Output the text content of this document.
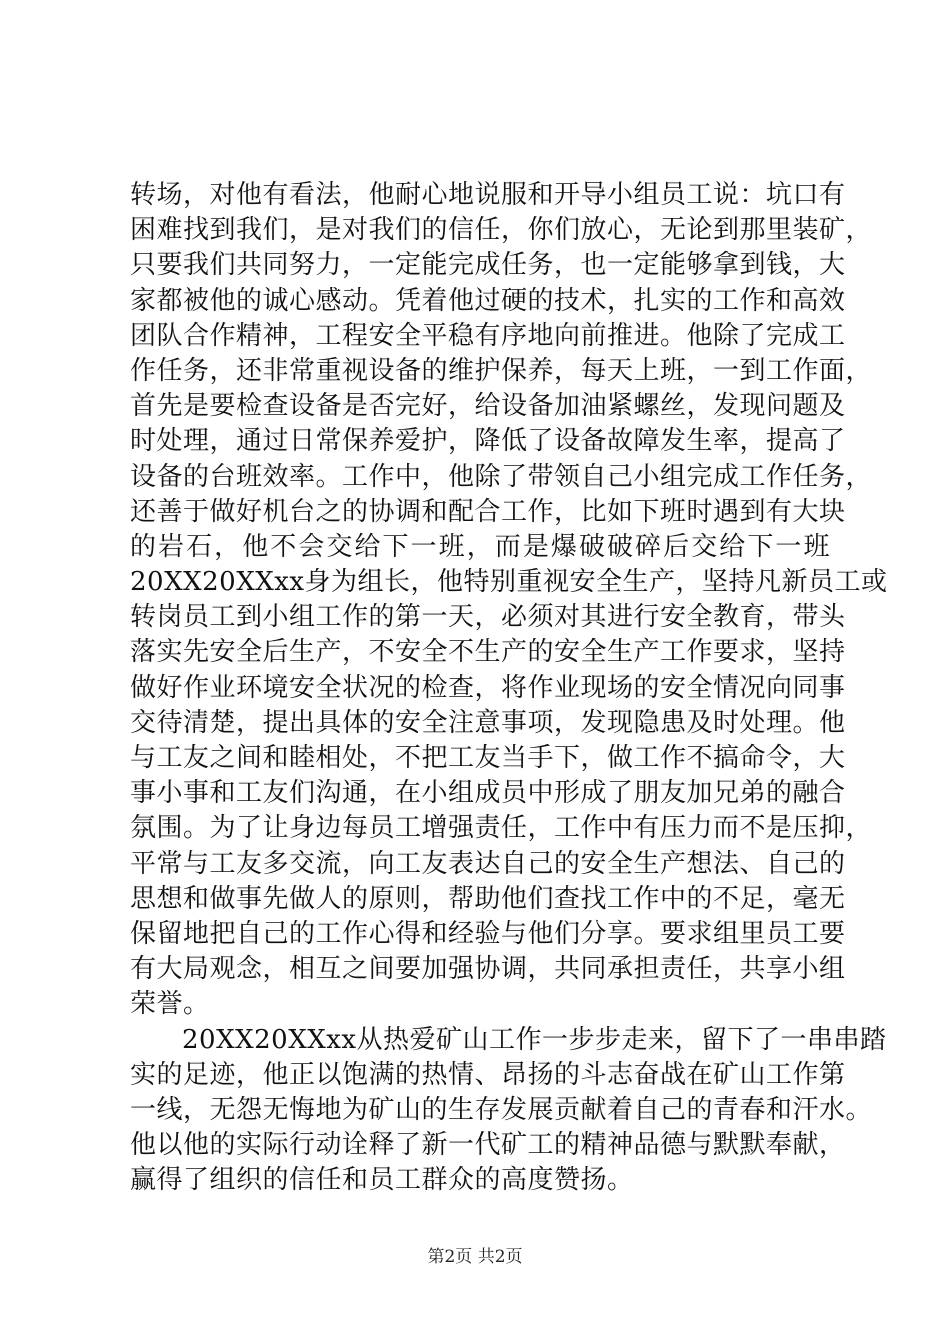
转场，对他有看法，他耐心地说服和开导小组员工说：坑口有
困难找到我们，是对我们的信任，你们放心，无论到那里装矿，
只要我们共同努力，一定能完成任务，也一定能够拿到钱，大
家都被他的诚心感动。凭着他过硬的技术，扎实的工作和高效
团队合作精神，工程安全平稳有序地向前推进。他除了完成工
作任务，还非常重视设备的维护保养，每天上班，一到工作面，
首先是要检查设备是否完好，给设备加油紧螺丝，发现问题及
时处理，通过日常保养爱护，降低了设备故障发生率，提高了
设备的台班效率。工作中，他除了带领自己小组完成工作任务，
还善于做好机台之的协调和配合工作，比如下班时遇到有大块
的岩石，他不会交给下一班，而是爆破破碎后交给下一班
20XX20XXxx身为组长，他特别重视安全生产，坚持凡新员工或
转岗员工到小组工作的第一天，必须对其进行安全教育，带头
落实先安全后生产，不安全不生产的安全生产工作要求，坚持
做好作业环境安全状况的检查，将作业现场的安全情况向同事
交待清楚，提出具体的安全注意事项，发现隐患及时处理。他
与工友之间和睦相处，不把工友当手下，做工作不搞命令，大
事小事和工友们沟通，在小组成员中形成了朋友加兄弟的融合
氛围。为了让身边每员工增强责任，工作中有压力而不是压抑，
平常与工友多交流，向工友表达自己的安全生产想法、自己的
思想和做事先做人的原则，帮助他们查找工作中的不足，毫无
保留地把自己的工作心得和经验与他们分享。要求组里员工要
有大局观念，相互之间要加强协调，共同承担责任，共享小组
荣誉。
20XX20XXxx从热爱矿山工作一步步走来，留下了一串串踏
实的足迹，他正以饱满的热情、昂扬的斗志奋战在矿山工作第
一线，无怨无悔地为矿山的生存发展贡献着自己的青春和汗水。
他以他的实际行动诠释了新一代矿工的精神品德与默默奉献，
赢得了组织的信任和员工群众的高度赞扬。
第2页 共2页
